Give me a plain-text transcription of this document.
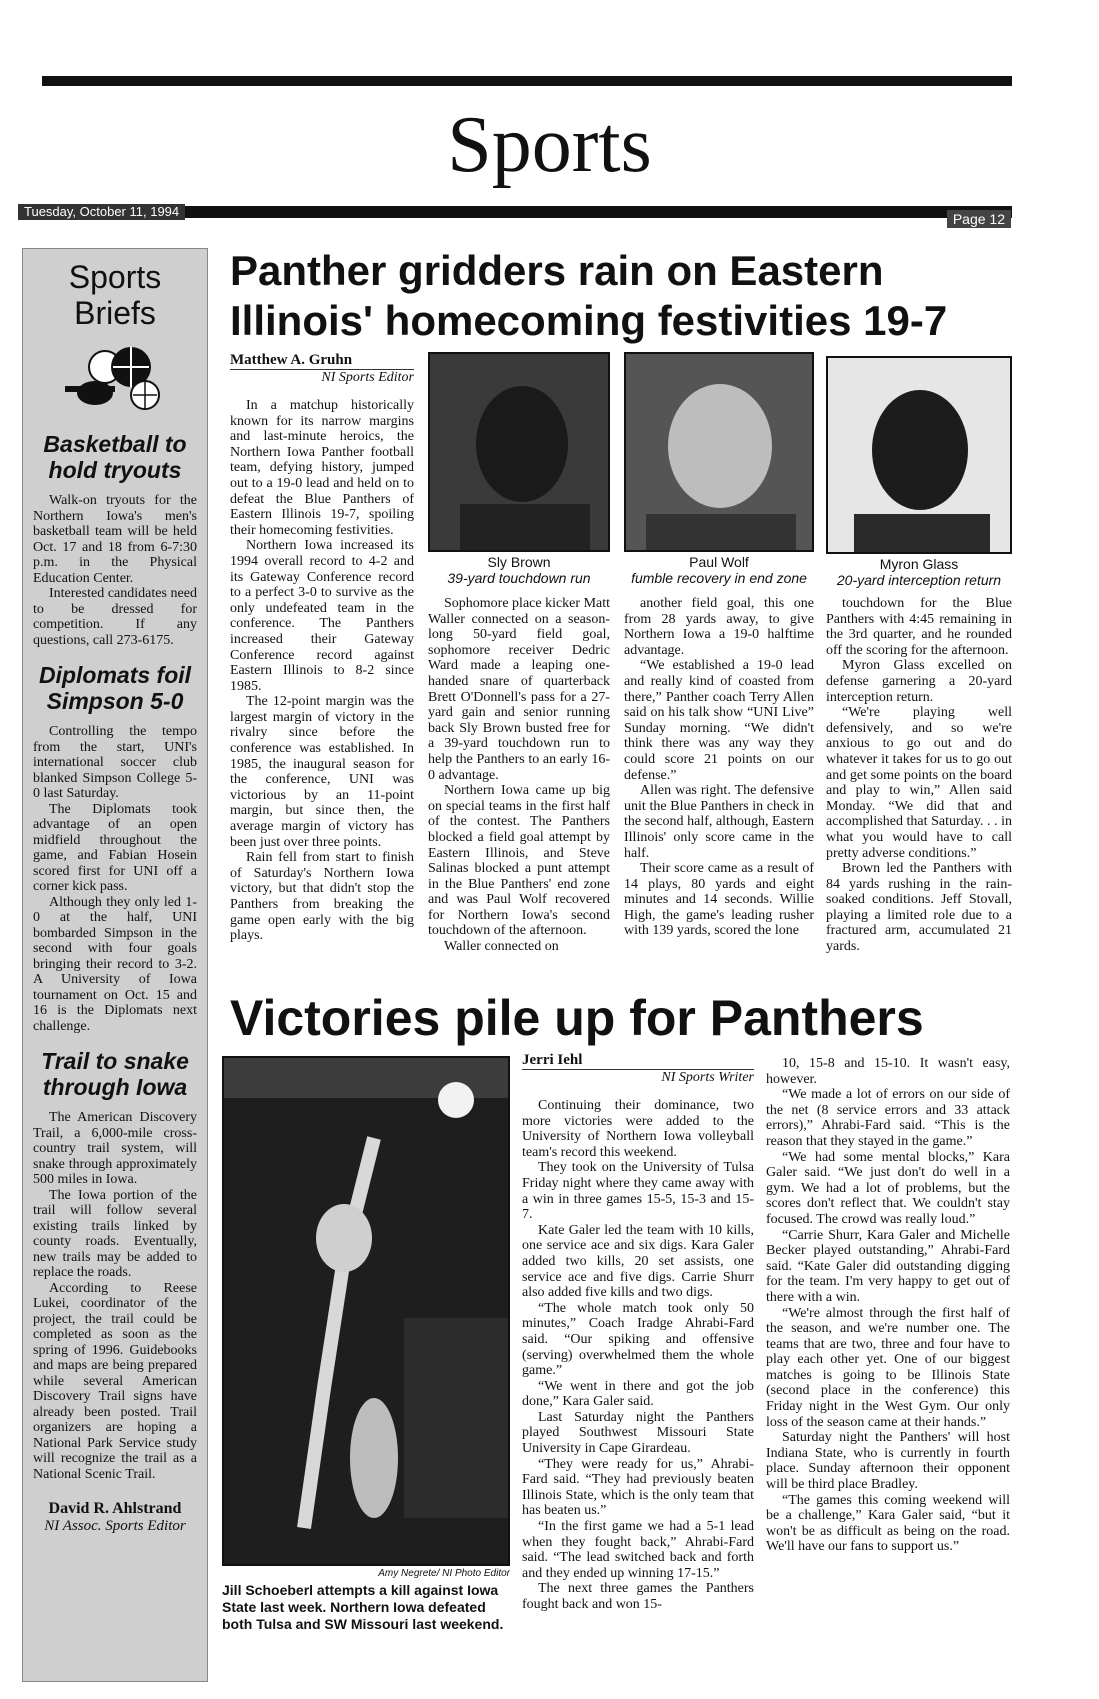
Sports
Tuesday, October 11, 1994	Page 12
Sports
Briefs
Basketball to hold tryouts

Walk-on tryouts for the Northern Iowa's men's basketball team will be held Oct. 17 and 18 from 6-7:30 p.m. in the Physical Education Center.

Interested candidates need to be dressed for competition. If any questions, call 273-6175.

Diplomats foil Simpson 5-0

Controlling the tempo from the start, UNI's international soccer club blanked Simpson College 5-0 last Saturday.

The Diplomats took advantage of an open midfield throughout the game, and Fabian Hosein scored first for UNI off a corner kick pass.

Although they only led 1-0 at the half, UNI bombarded Simpson in the second with four goals bringing their record to 3-2. A University of Iowa tournament on Oct. 15 and 16 is the Diplomats next challenge.

Trail to snake through Iowa

The American Discovery Trail, a 6,000-mile cross-country trail system, will snake through approximately 500 miles in Iowa.

The Iowa portion of the trail will follow several existing trails linked by county roads. Eventually, new trails may be added to replace the roads.

According to Reese Lukei, coordinator of the project, the trail could be completed as soon as the spring of 1996. Guidebooks and maps are being prepared while several American Discovery Trail signs have already been posted. Trail organizers are hoping a National Park Service study will recognize the trail as a National Scenic Trail.

David R. Ahlstrand
NI Assoc. Sports Editor
Panther gridders rain on Eastern Illinois' homecoming festivities 19-7
Matthew A. Gruhn
NI Sports Editor

In a matchup historically known for its narrow margins and last-minute heroics, the Northern Iowa Panther football team, defying history, jumped out to a 19-0 lead and held on to defeat the Blue Panthers of Eastern Illinois 19-7, spoiling their homecoming festivities.

Northern Iowa increased its 1994 overall record to 4-2 and its Gateway Conference record to a perfect 3-0 to survive as the only undefeated team in the conference. The Panthers increased their Gateway Conference record against Eastern Illinois to 8-2 since 1985.

The 12-point margin was the largest margin of victory in the rivalry since before the conference was established. In 1985, the inaugural season for the conference, UNI was victorious by an 11-point margin, but since then, the average margin of victory has been just over three points.

Rain fell from start to finish of Saturday's Northern Iowa victory, but that didn't stop the Panthers from breaking the game open early with the big plays.

Sly Brown
39-yard touchdown run
Paul Wolf
fumble recovery in end zone
Myron Glass
20-yard interception return

Sophomore place kicker Matt Waller connected on a season-long 50-yard field goal, sophomore receiver Dedric Ward made a leaping one-handed snare of quarterback Brett O'Donnell's pass for a 27-yard gain and senior running back Sly Brown busted free for a 39-yard touchdown run to help the Panthers to an early 16-0 advantage.

Northern Iowa came up big on special teams in the first half of the contest. The Panthers blocked a field goal attempt by Eastern Illinois, and Steve Salinas blocked a punt attempt in the Blue Panthers' end zone and was Paul Wolf recovered for Northern Iowa's second touchdown of the afternoon.

Waller connected on

another field goal, this one from 28 yards away, to give Northern Iowa a 19-0 halftime advantage.

“We established a 19-0 lead and really kind of coasted from there,” Panther coach Terry Allen said on his talk show “UNI Live” Sunday morning. “We didn't think there was any way they could score 21 points on our defense.”

Allen was right. The defensive unit the Blue Panthers in check in the second half, although, Eastern Illinois' only score came in the half.

Their score came as a result of 14 plays, 80 yards and eight minutes and 14 seconds. Willie High, the game's leading rusher with 139 yards, scored the lone

touchdown for the Blue Panthers with 4:45 remaining in the 3rd quarter, and he rounded off the scoring for the afternoon.

Myron Glass excelled on defense garnering a 20-yard interception return.

“We're playing well defensively, and so we're anxious to go out and do whatever it takes for us to go out and get some points on the board and play to win,” Allen said Monday. “We did that and accomplished that Saturday. . . in what you would have to call pretty adverse conditions.”

Brown led the Panthers with 84 yards rushing in the rain-soaked conditions. Jeff Stovall, playing a limited role due to a fractured arm, accumulated 21 yards.

Victories pile up for Panthers
Amy Negrete/ NI Photo Editor
Jill Schoeberl attempts a kill against Iowa State last week. Northern Iowa defeated both Tulsa and SW Missouri last weekend.
Jerri Iehl
NI Sports Writer

Continuing their dominance, two more victories were added to the University of Northern Iowa volleyball team's record this weekend.

They took on the University of Tulsa Friday night where they came away with a win in three games 15-5, 15-3 and 15-7.

Kate Galer led the team with 10 kills, one service ace and six digs. Kara Galer added two kills, 20 set assists, one service ace and five digs. Carrie Shurr also added five kills and two digs.

“The whole match took only 50 minutes,” Coach Iradge Ahrabi-Fard said. “Our spiking and offensive (serving) overwhelmed them the whole game.”

“We went in there and got the job done,” Kara Galer said.

Last Saturday night the Panthers played Southwest Missouri State University in Cape Girardeau.

“They were ready for us,” Ahrabi-Fard said. “They had previously beaten Illinois State, which is the only team that has beaten us.”

“In the first game we had a 5-1 lead when they fought back,” Ahrabi-Fard said. “The lead switched back and forth and they ended up winning 17-15.”

The next three games the Panthers fought back and won 15-

10, 15-8 and 15-10. It wasn't easy, however.

“We made a lot of errors on our side of the net (8 service errors and 33 attack errors),” Ahrabi-Fard said. “This is the reason that they stayed in the game.”

“We had some mental blocks,” Kara Galer said. “We just don't do well in a gym. We had a lot of problems, but the scores don't reflect that. We couldn't stay focused. The crowd was really loud.”

“Carrie Shurr, Kara Galer and Michelle Becker played outstanding,” Ahrabi-Fard said. “Kate Galer did outstanding digging for the team. I'm very happy to get out of there with a win.

“We're almost through the first half of the season, and we're number one. The teams that are two, three and four have to play each other yet. One of our biggest matches is going to be Illinois State (second place in the conference) this Friday night in the West Gym. Our only loss of the season came at their hands.”

Saturday night the Panthers' will host Indiana State, who is currently in fourth place. Sunday afternoon their opponent will be third place Bradley.

“The games this coming weekend will be a challenge,” Kara Galer said, “but it won't be as difficult as being on the road. We'll have our fans to support us.”
